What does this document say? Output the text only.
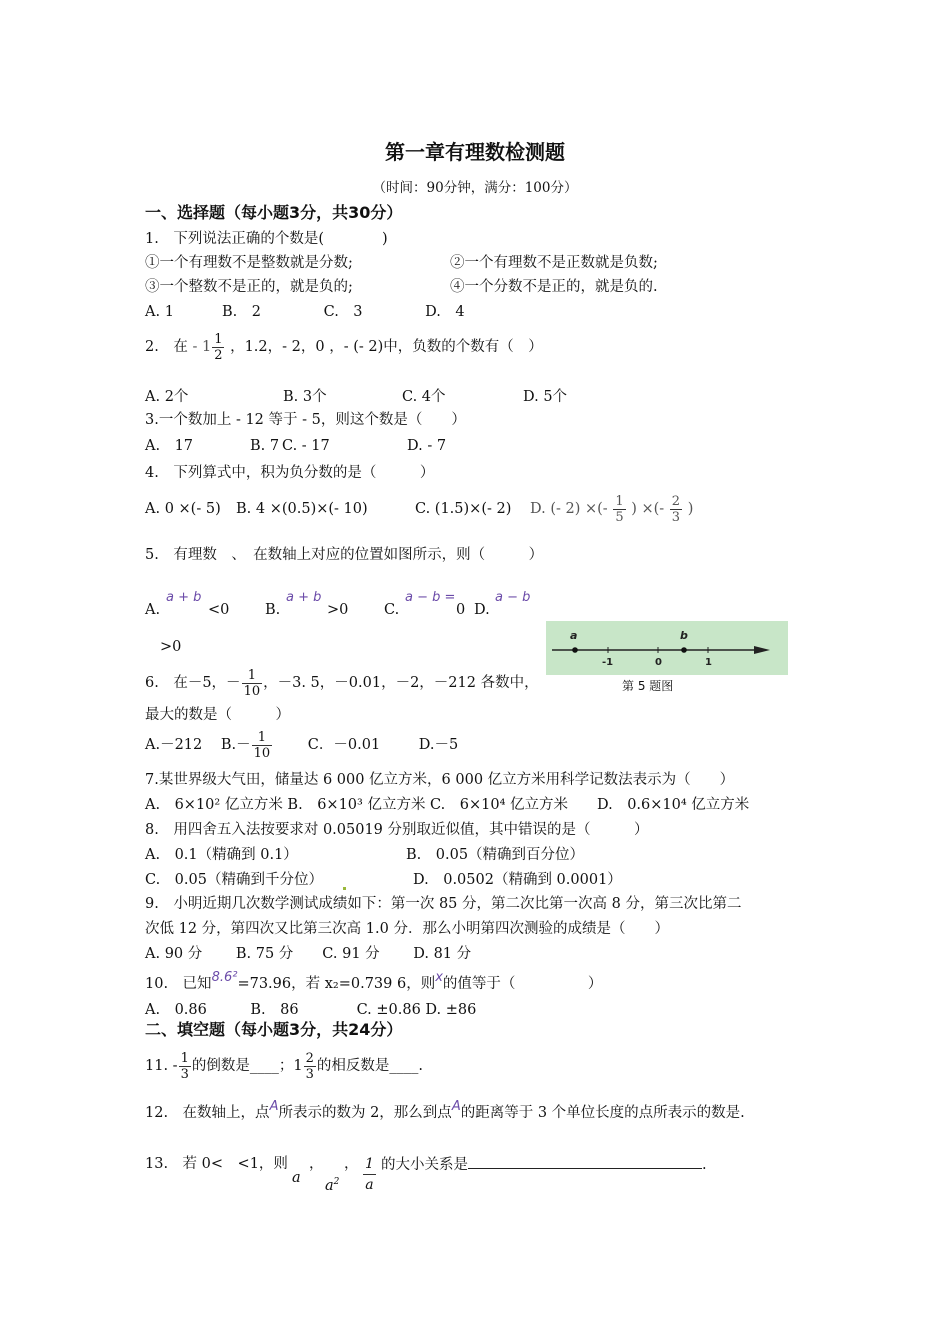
第一章有理数检测题
（时间：90分钟，满分：100分）
一、选择题（每小题3分，共30分）
1.　下列说法正确的个数是(　　　　)
①一个有理数不是整数就是分数;	②一个有理数不是正数就是负数;
③一个整数不是正的，就是负的;	④一个分数不是正的，就是负的.
A. 1　　　 B.　2　　　　 C.　3　　　　 D.　4
2.　在 - $1 \frac{1}{2}$ ，1.2，- 2，0 ，- (- 2)中，负数的个数有（　）
A. 2个	B. 3个	C. 4个	D. 5个
3.一个数加上 - 12 等于 - 5，则这个数是（　　）
A.　17	B. 7 C. - 17	D. - 7
4.　下列算式中，积为负分数的是（　　　）
A. 0 ×(- 5) B. 4 ×(0.5)×(- 10)	C. (1.5)×(- 2) D. (- 2) ×(- $\frac{1}{5}$ ) ×(- $\frac{2}{3}$ )
5.　有理数　、　在数轴上对应的位置如图所示，则（　　　）
A.
a + b
<0 B.
a + b
>0 C.
a − b =
0 D.
a − b
>0
a	b
-1	0	1
第 5 题图
6.　在－5，－ $\frac{1}{10}$ ，－3. 5，－0.01，－2，－212 各数中，
最大的数是（　　　）
A.－212 $B.- \frac{1}{10}$ C．－0.01	D.－5
7.某世界级大气田，储量达 6 000 亿立方米，6 000 亿立方米用科学记数法表示为（　　）
A.　6×10² 亿立方米 B.　6×10³ 亿立方米 C.　6×10⁴ 亿立方米　　D.　0.6×10⁴ 亿立方米
8.　用四舍五入法按要求对 0.05019 分别取近似值，其中错误的是（　　　）
A.　0.1（精确到 0.1）	B.　0.05（精确到百分位）
C.　0.05（精确到千分位）	D.　0.0502（精确到 0.0001）
9.　小明近期几次数学测试成绩如下：第一次 85 分，第二次比第一次高 8 分，第三次比第二
次低 12 分，第四次又比第三次高 1.0 分．那么小明第四次测验的成绩是（　　）
A. 90 分　　 B. 75 分　　C. 91 分　　 D. 81 分
10.　已知8.6²=73.96，若 x₂=0.739 6，则x的值等于（　　　　　）
A.　0.86　　　B.　86　　　　C. ±0.86 D. ±86
二、填空题（每小题3分，共24分）
11. - $\frac{1}{3}$ 的倒数是____；$1 \frac{2}{3}$ 的相反数是____.
12.　在数轴上，点A所表示的数为 2，那么到点A的距离等于 3 个单位长度的点所表示的数是.
13.　若 0<　<1，则
a
，
$a^2$
， $\frac{1}{a}$ 的大小关系是	.
